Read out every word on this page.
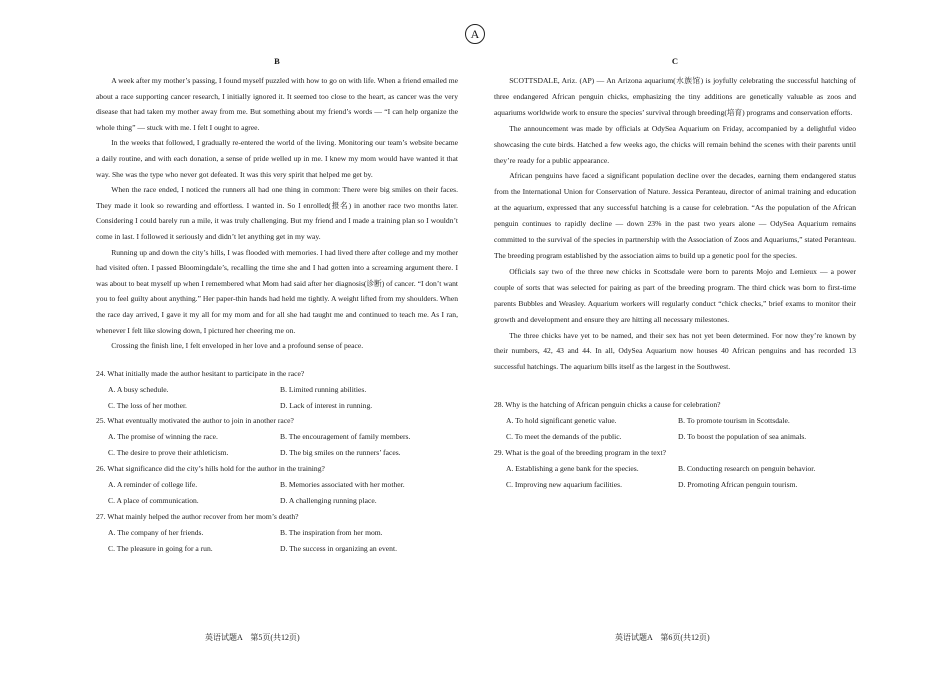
A
B

A week after my mother’s passing, I found myself puzzled with how to go on with life. When a friend emailed me about a race supporting cancer research, I initially ignored it. It seemed too close to the heart, as cancer was the very disease that had taken my mother away from me. But something about my friend’s words — “I can help organize the whole thing” — stuck with me. I felt I ought to agree.

In the weeks that followed, I gradually re-entered the world of the living. Monitoring our team’s website became a daily routine, and with each donation, a sense of pride welled up in me. I knew my mom would have wanted it that way. She was the type who never got defeated. It was this very spirit that helped me get by.

When the race ended, I noticed the runners all had one thing in common: There were big smiles on their faces. They made it look so rewarding and effortless. I wanted in. So I enrolled(报名) in another race two months later. Considering I could barely run a mile, it was truly challenging. But my friend and I made a training plan so I wouldn’t come in last. I followed it seriously and didn’t let anything get in my way.

Running up and down the city’s hills, I was flooded with memories. I had lived there after college and my mother had visited often. I passed Bloomingdale’s, recalling the time she and I had gotten into a screaming argument there. I was about to beat myself up when I remembered what Mom had said after her diagnosis(诊断) of cancer. “I don’t want you to feel guilty about anything.” Her paper-thin hands had held me tightly. A weight lifted from my shoulders. When the race day arrived, I gave it my all for my mom and for all she had taught me and continued to teach me. As I ran, whenever I felt like slowing down, I pictured her cheering me on.

Crossing the finish line, I felt enveloped in her love and a profound sense of peace.

24. What initially made the author hesitant to participate in the race?

A. A busy schedule.	B. Limited running abilities.
C. The loss of her mother.	D. Lack of interest in running.

25. What eventually motivated the author to join in another race?

A. The promise of winning the race.	B. The encouragement of family members.
C. The desire to prove their athleticism.	D. The big smiles on the runners’ faces.

26. What significance did the city’s hills hold for the author in the training?

A. A reminder of college life.	B. Memories associated with her mother.
C. A place of communication.	D. A challenging running place.

27. What mainly helped the author recover from her mom’s death?

A. The company of her friends.	B. The inspiration from her mom.
C. The pleasure in going for a run.	D. The success in organizing an event.
C

SCOTTSDALE, Ariz. (AP) — An Arizona aquarium(水族馆) is joyfully celebrating the successful hatching of three endangered African penguin chicks, emphasizing the tiny additions are genetically valuable as zoos and aquariums worldwide work to ensure the species’ survival through breeding(培育) programs and conservation efforts.

The announcement was made by officials at OdySea Aquarium on Friday, accompanied by a delightful video showcasing the cute birds. Hatched a few weeks ago, the chicks will remain behind the scenes with their parents until they’re ready for a public appearance.

African penguins have faced a significant population decline over the decades, earning them endangered status from the International Union for Conservation of Nature. Jessica Peranteau, director of animal training and education at the aquarium, expressed that any successful hatching is a cause for celebration. “As the population of the African penguin continues to rapidly decline — down 23% in the past two years alone — OdySea Aquarium remains committed to the survival of the species in partnership with the Association of Zoos and Aquariums,” stated Peranteau. The breeding program established by the association aims to build up a genetic pool for the species.

Officials say two of the three new chicks in Scottsdale were born to parents Mojo and Lemieux — a power couple of sorts that was selected for pairing as part of the breeding program. The third chick was born to first-time parents Bubbles and Weasley. Aquarium workers will regularly conduct “chick checks,” brief exams to monitor their growth and development and ensure they are hitting all necessary milestones.

The three chicks have yet to be named, and their sex has not yet been determined. For now they’re known by their numbers, 42, 43 and 44. In all, OdySea Aquarium now houses 40 African penguins and has recorded 13 successful hatchings. The aquarium bills itself as the largest in the Southwest.

28. Why is the hatching of African penguin chicks a cause for celebration?

A. To hold significant genetic value.	B. To promote tourism in Scottsdale.
C. To meet the demands of the public.	D. To boost the population of sea animals.

29. What is the goal of the breeding program in the text?

A. Establishing a gene bank for the species.	B. Conducting research on penguin behavior.
C. Improving new aquarium facilities.	D. Promoting African penguin tourism.
英语试题A　第5页(共12页)	英语试题A　第6页(共12页)
